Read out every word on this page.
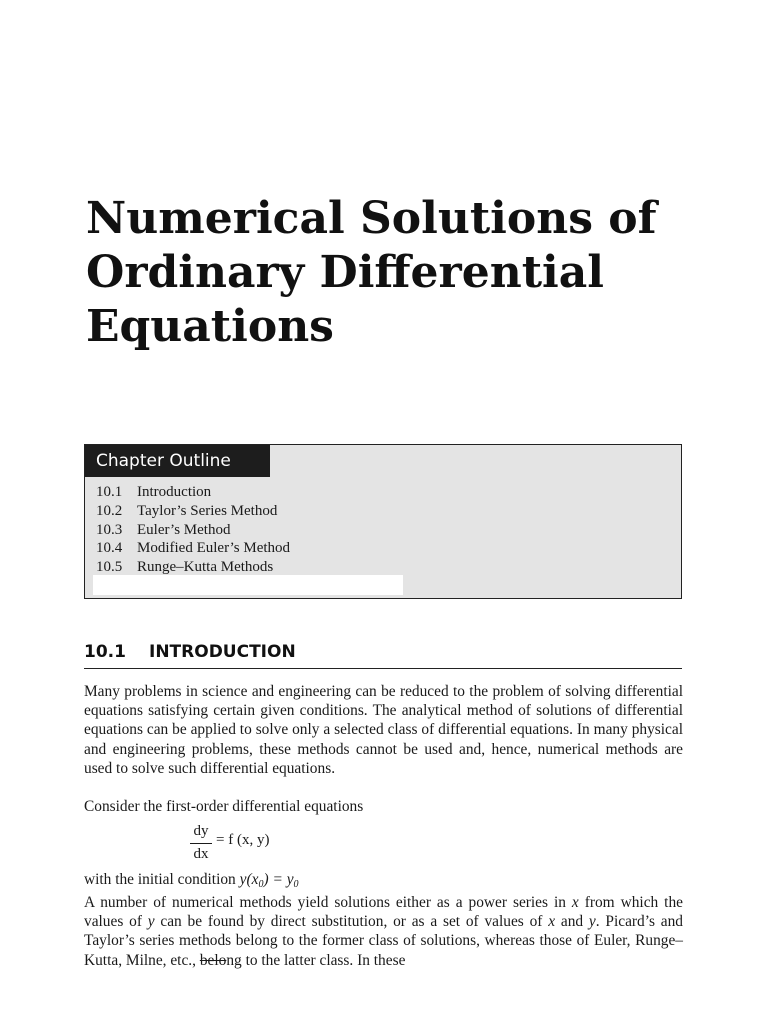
Numerical Solutions of
Ordinary Differential
Equations
Chapter Outline
10.1 Introduction
10.2 Taylor’s Series Method
10.3 Euler’s Method
10.4 Modified Euler’s Method
10.5 Runge–Kutta Methods
10.1 INTRODUCTION
Many problems in science and engineering can be reduced to the problem of solving differential equations satisfying certain given conditions. The analytical method of solutions of differential equations can be applied to solve only a selected class of differential equations. In many physical and engineering problems, these methods cannot be used and, hence, numerical methods are used to solve such differential equations.
Consider the first-order differential equations
dy
dx
= f (x, y)
with the initial condition $y(x_0) = y_0$
A number of numerical methods yield solutions either as a power series in x from which the values of y can be found by direct substitution, or as a set of values of x and y. Picard’s and Taylor’s series methods belong to the former class of solutions, whereas those of Euler, Runge–Kutta, Milne, etc., belong to the latter class. In these
